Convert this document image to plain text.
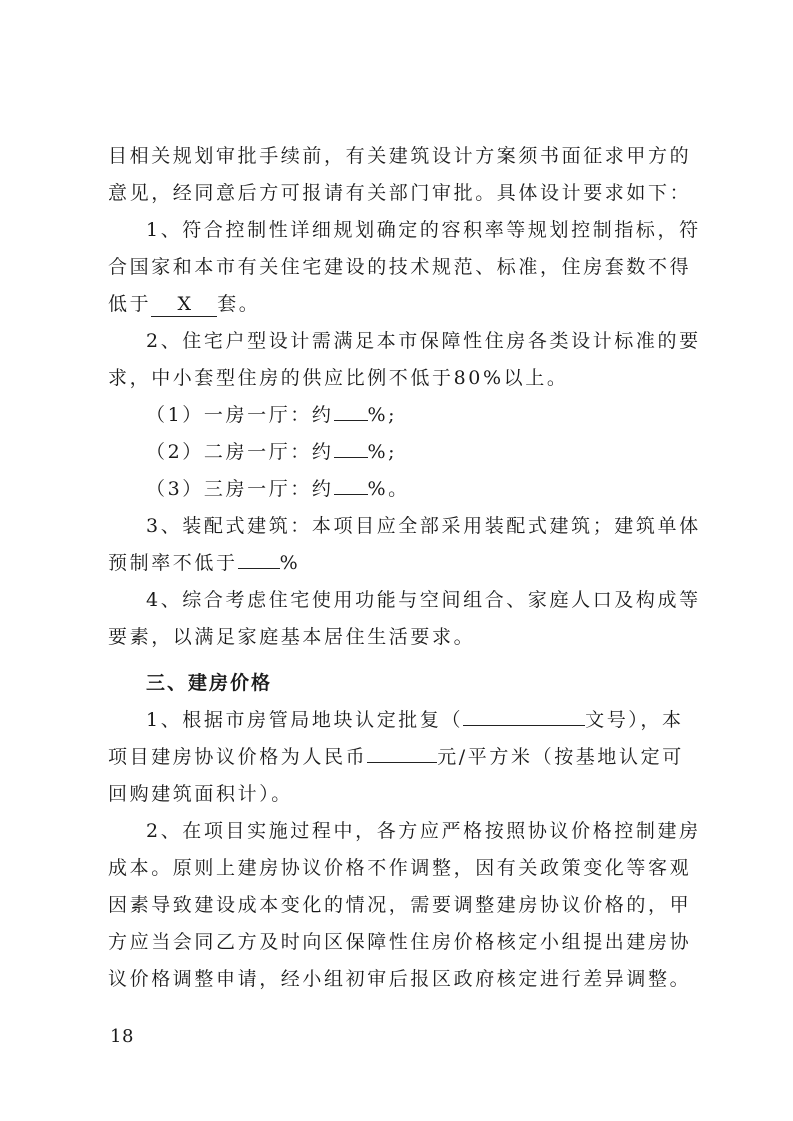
目相关规划审批手续前，有关建筑设计方案须书面征求甲方的
意见，经同意后方可报请有关部门审批。具体设计要求如下：
1、符合控制性详细规划确定的容积率等规划控制指标，符
合国家和本市有关住宅建设的技术规范、标准，住房套数不得
低于 X 套。
2、住宅户型设计需满足本市保障性住房各类设计标准的要
求，中小套型住房的供应比例不低于80%以上。
（1）一房一厅：约 %;
（2）二房一厅：约 %;
（3）三房一厅：约 %。
3、装配式建筑：本项目应全部采用装配式建筑；建筑单体
预制率不低于 %
4、综合考虑住宅使用功能与空间组合、家庭人口及构成等
要素，以满足家庭基本居住生活要求。
三、建房价格
1、根据市房管局地块认定批复（	文号），本
项目建房协议价格为人民币	元/平方米（按基地认定可
回购建筑面积计）。
2、在项目实施过程中，各方应严格按照协议价格控制建房
成本。原则上建房协议价格不作调整，因有关政策变化等客观
因素导致建设成本变化的情况，需要调整建房协议价格的，甲
方应当会同乙方及时向区保障性住房价格核定小组提出建房协
议价格调整申请，经小组初审后报区政府核定进行差异调整。
18
